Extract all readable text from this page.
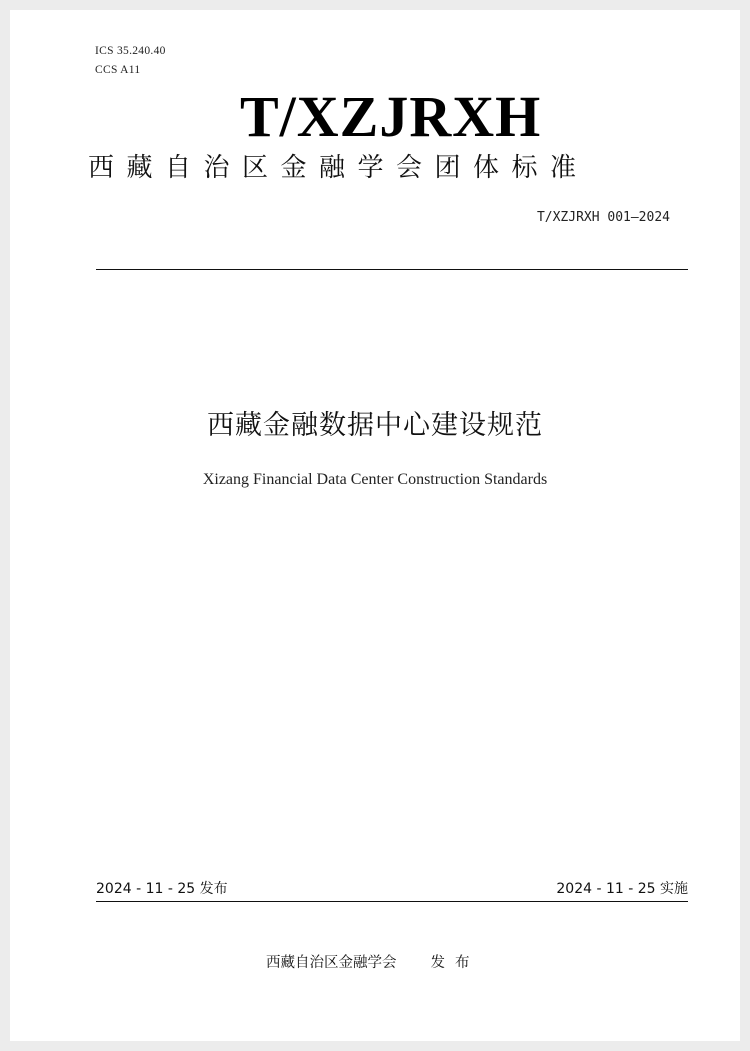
ICS 35.240.40
CCS A11
T/XZJRXH
西藏自治区金融学会团体标准
T/XZJRXH 001—2024
西藏金融数据中心建设规范
Xizang Financial Data Center Construction Standards
2024 - 11 - 25 发布	2024 - 11 - 25 实施
西藏自治区金融学会 发布
